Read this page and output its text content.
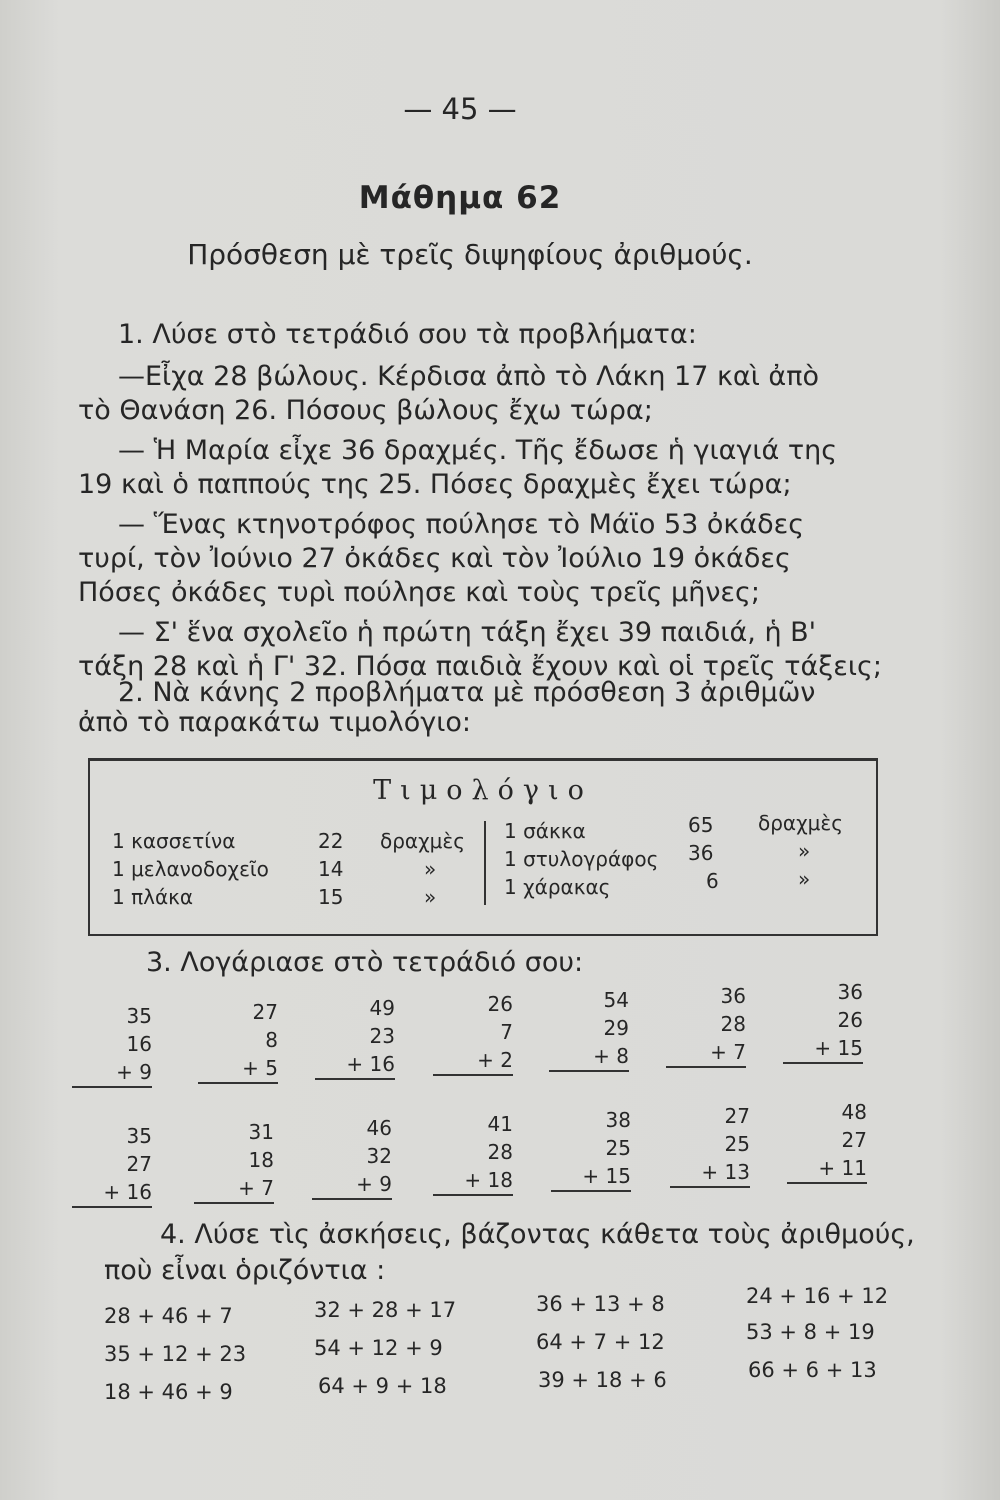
— 45 —
Μάθημα 62
Πρόσθεση μὲ τρεῖς διψηφίους ἀριθμούς.
1. Λύσε στὸ τετράδιό σου τὰ προβλήματα:
—Εἶχα 28 βώλους. Κέρδισα ἀπὸ τὸ Λάκη 17 καὶ ἀπὸ
τὸ Θανάση 26. Πόσους βώλους ἔχω τώρα;
— Ἡ Μαρία εἶχε 36 δραχμές. Τῆς ἔδωσε ἡ γιαγιά της
19 καὶ ὁ παππούς της 25. Πόσες δραχμὲς ἔχει τώρα;
— Ἕνας κτηνοτρόφος πούλησε τὸ Μάϊο 53 ὀκάδες
τυρί, τὸν Ἰούνιο 27 ὀκάδες καὶ τὸν Ἰούλιο 19 ὀκάδες
Πόσες ὀκάδες τυρὶ πούλησε καὶ τοὺς τρεῖς μῆνες;
— Σ' ἕνα σχολεῖο ἡ πρώτη τάξη ἔχει 39 παιδιά, ἡ Β'
τάξη 28 καὶ ἡ Γ' 32. Πόσα παιδιὰ ἔχουν καὶ οἱ τρεῖς τάξεις;
2. Νὰ κάνης 2 προβλήματα μὲ πρόσθεση 3 ἀριθμῶν
ἀπὸ τὸ παρακάτω τιμολόγιο:
Τιμολόγιο
1 κασσετίνα	22 δραχμὲς
1 μελανοδοχεῖο 14	»
1 πλάκα	15	»
1 σάκκα	65 δραχμὲς
1 στυλογράφος 36	»
1 χάρακας	6	»
3. Λογάριασε στὸ τετράδιό σου:
35
16
+ 9
27
8
+ 5
49
23
+ 16
26
7
+ 2
54
29
+ 8
36
28
+ 7
36
26
+ 15
35
27
+ 16
31
18
+ 7
46
32
+ 9
41
28
+ 18
38
25
+ 15
27
25
+ 13
48
27
+ 11
4. Λύσε τὶς ἀσκήσεις, βάζοντας κάθετα τοὺς ἀριθμούς,
ποὺ εἶναι ὁριζόντια :
28 + 46 + 7
35 + 12 + 23
18 + 46 + 9
32 + 28 + 17
54 + 12 + 9
64 + 9 + 18
36 + 13 + 8
64 + 7 + 12
39 + 18 + 6
24 + 16 + 12
53 + 8 + 19
66 + 6 + 13
